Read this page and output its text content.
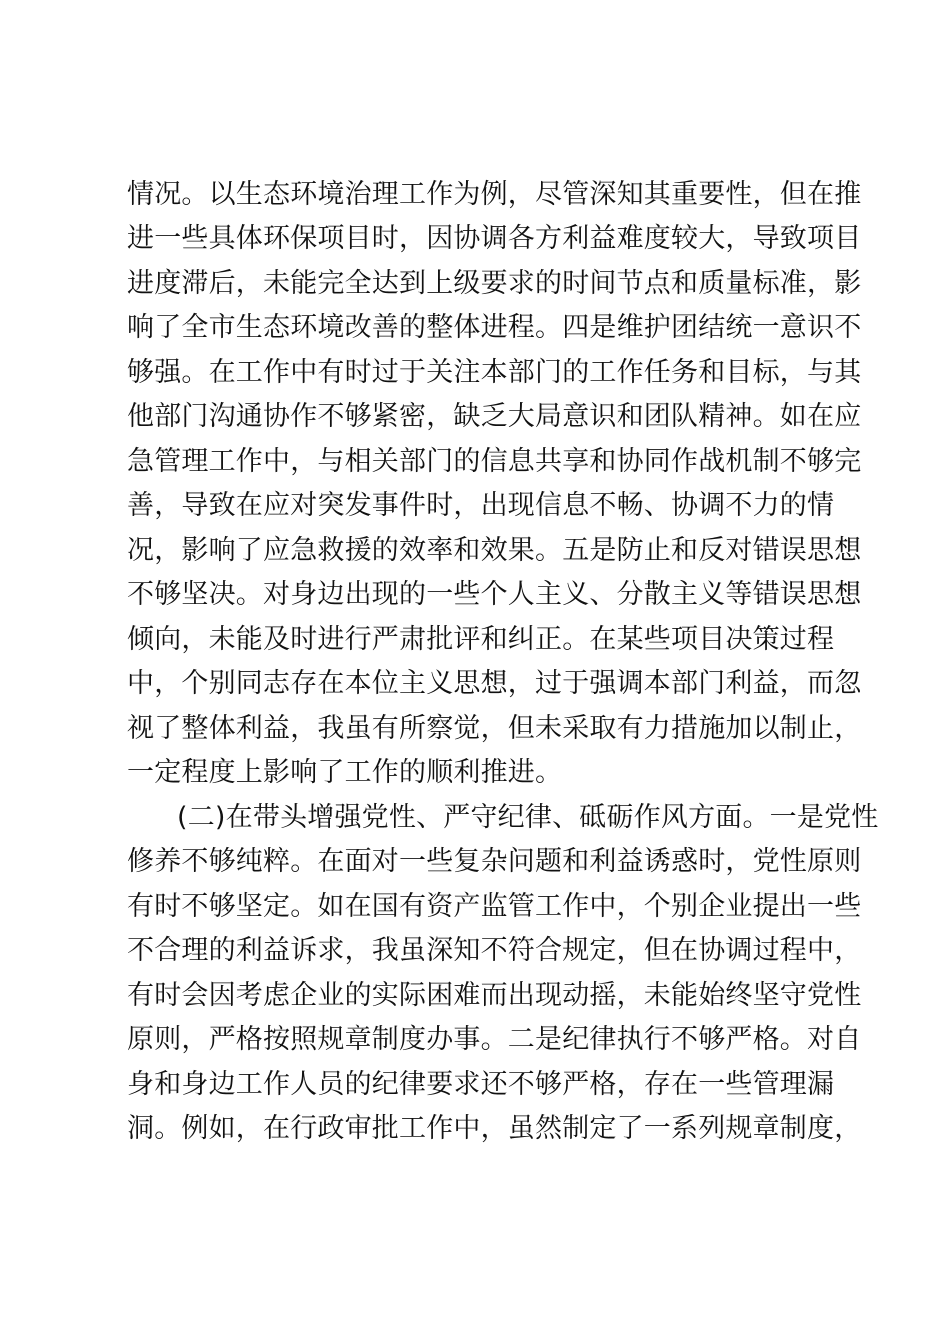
情况。以生态环境治理工作为例，尽管深知其重要性，但在推
进一些具体环保项目时，因协调各方利益难度较大，导致项目
进度滞后，未能完全达到上级要求的时间节点和质量标准，影
响了全市生态环境改善的整体进程。四是维护团结统一意识不
够强。在工作中有时过于关注本部门的工作任务和目标，与其
他部门沟通协作不够紧密，缺乏大局意识和团队精神。如在应
急管理工作中，与相关部门的信息共享和协同作战机制不够完
善，导致在应对突发事件时，出现信息不畅、协调不力的情
况，影响了应急救援的效率和效果。五是防止和反对错误思想
不够坚决。对身边出现的一些个人主义、分散主义等错误思想
倾向，未能及时进行严肃批评和纠正。在某些项目决策过程
中，个别同志存在本位主义思想，过于强调本部门利益，而忽
视了整体利益，我虽有所察觉，但未采取有力措施加以制止，
一定程度上影响了工作的顺利推进。
(二)在带头增强党性、严守纪律、砥砺作风方面。一是党性
修养不够纯粹。在面对一些复杂问题和利益诱惑时，党性原则
有时不够坚定。如在国有资产监管工作中，个别企业提出一些
不合理的利益诉求，我虽深知不符合规定，但在协调过程中，
有时会因考虑企业的实际困难而出现动摇，未能始终坚守党性
原则，严格按照规章制度办事。二是纪律执行不够严格。对自
身和身边工作人员的纪律要求还不够严格，存在一些管理漏
洞。例如，在行政审批工作中，虽然制定了一系列规章制度，
